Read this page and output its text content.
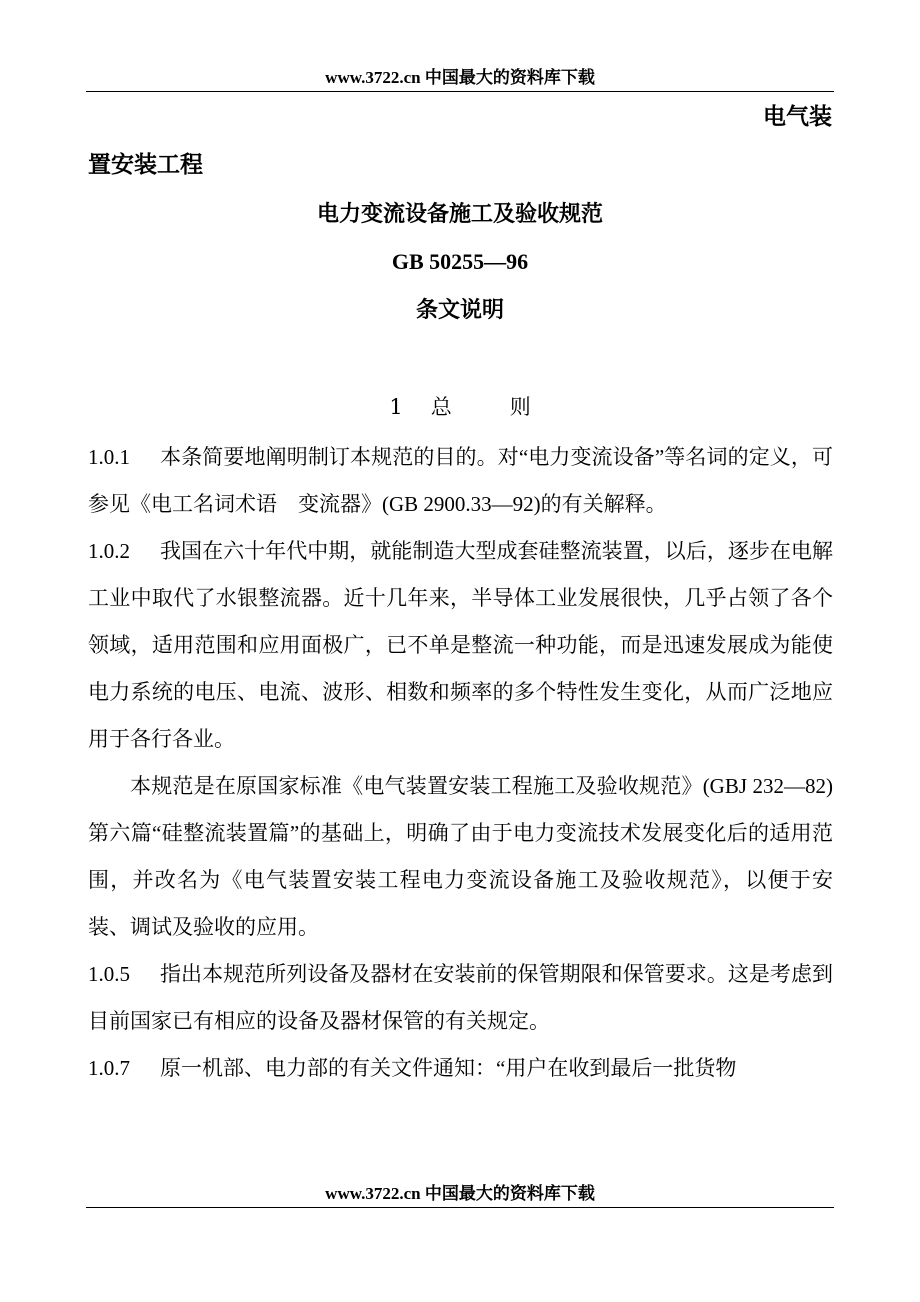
www.3722.cn 中国最大的资料库下载
电气装
置安装工程
电力变流设备施工及验收规范
GB 50255—96
条文说明
1 总	则

1.0.1 本条简要地阐明制订本规范的目的。对“电力变流设备”等名词的定义，可参见《电工名词术语　变流器》(GB 2900.33—92)的有关解释。

1.0.2 我国在六十年代中期，就能制造大型成套硅整流装置，以后，逐步在电解工业中取代了水银整流器。近十几年来，半导体工业发展很快，几乎占领了各个领域，适用范围和应用面极广，已不单是整流一种功能，而是迅速发展成为能使电力系统的电压、电流、波形、相数和频率的多个特性发生变化，从而广泛地应用于各行各业。

本规范是在原国家标准《电气装置安装工程施工及验收规范》(GBJ 232—82)第六篇“硅整流装置篇”的基础上，明确了由于电力变流技术发展变化后的适用范围，并改名为《电气装置安装工程电力变流设备施工及验收规范》，以便于安装、调试及验收的应用。

1.0.5 指出本规范所列设备及器材在安装前的保管期限和保管要求。这是考虑到目前国家已有相应的设备及器材保管的有关规定。

1.0.7 原一机部、电力部的有关文件通知：“用户在收到最后一批货物

www.3722.cn 中国最大的资料库下载
